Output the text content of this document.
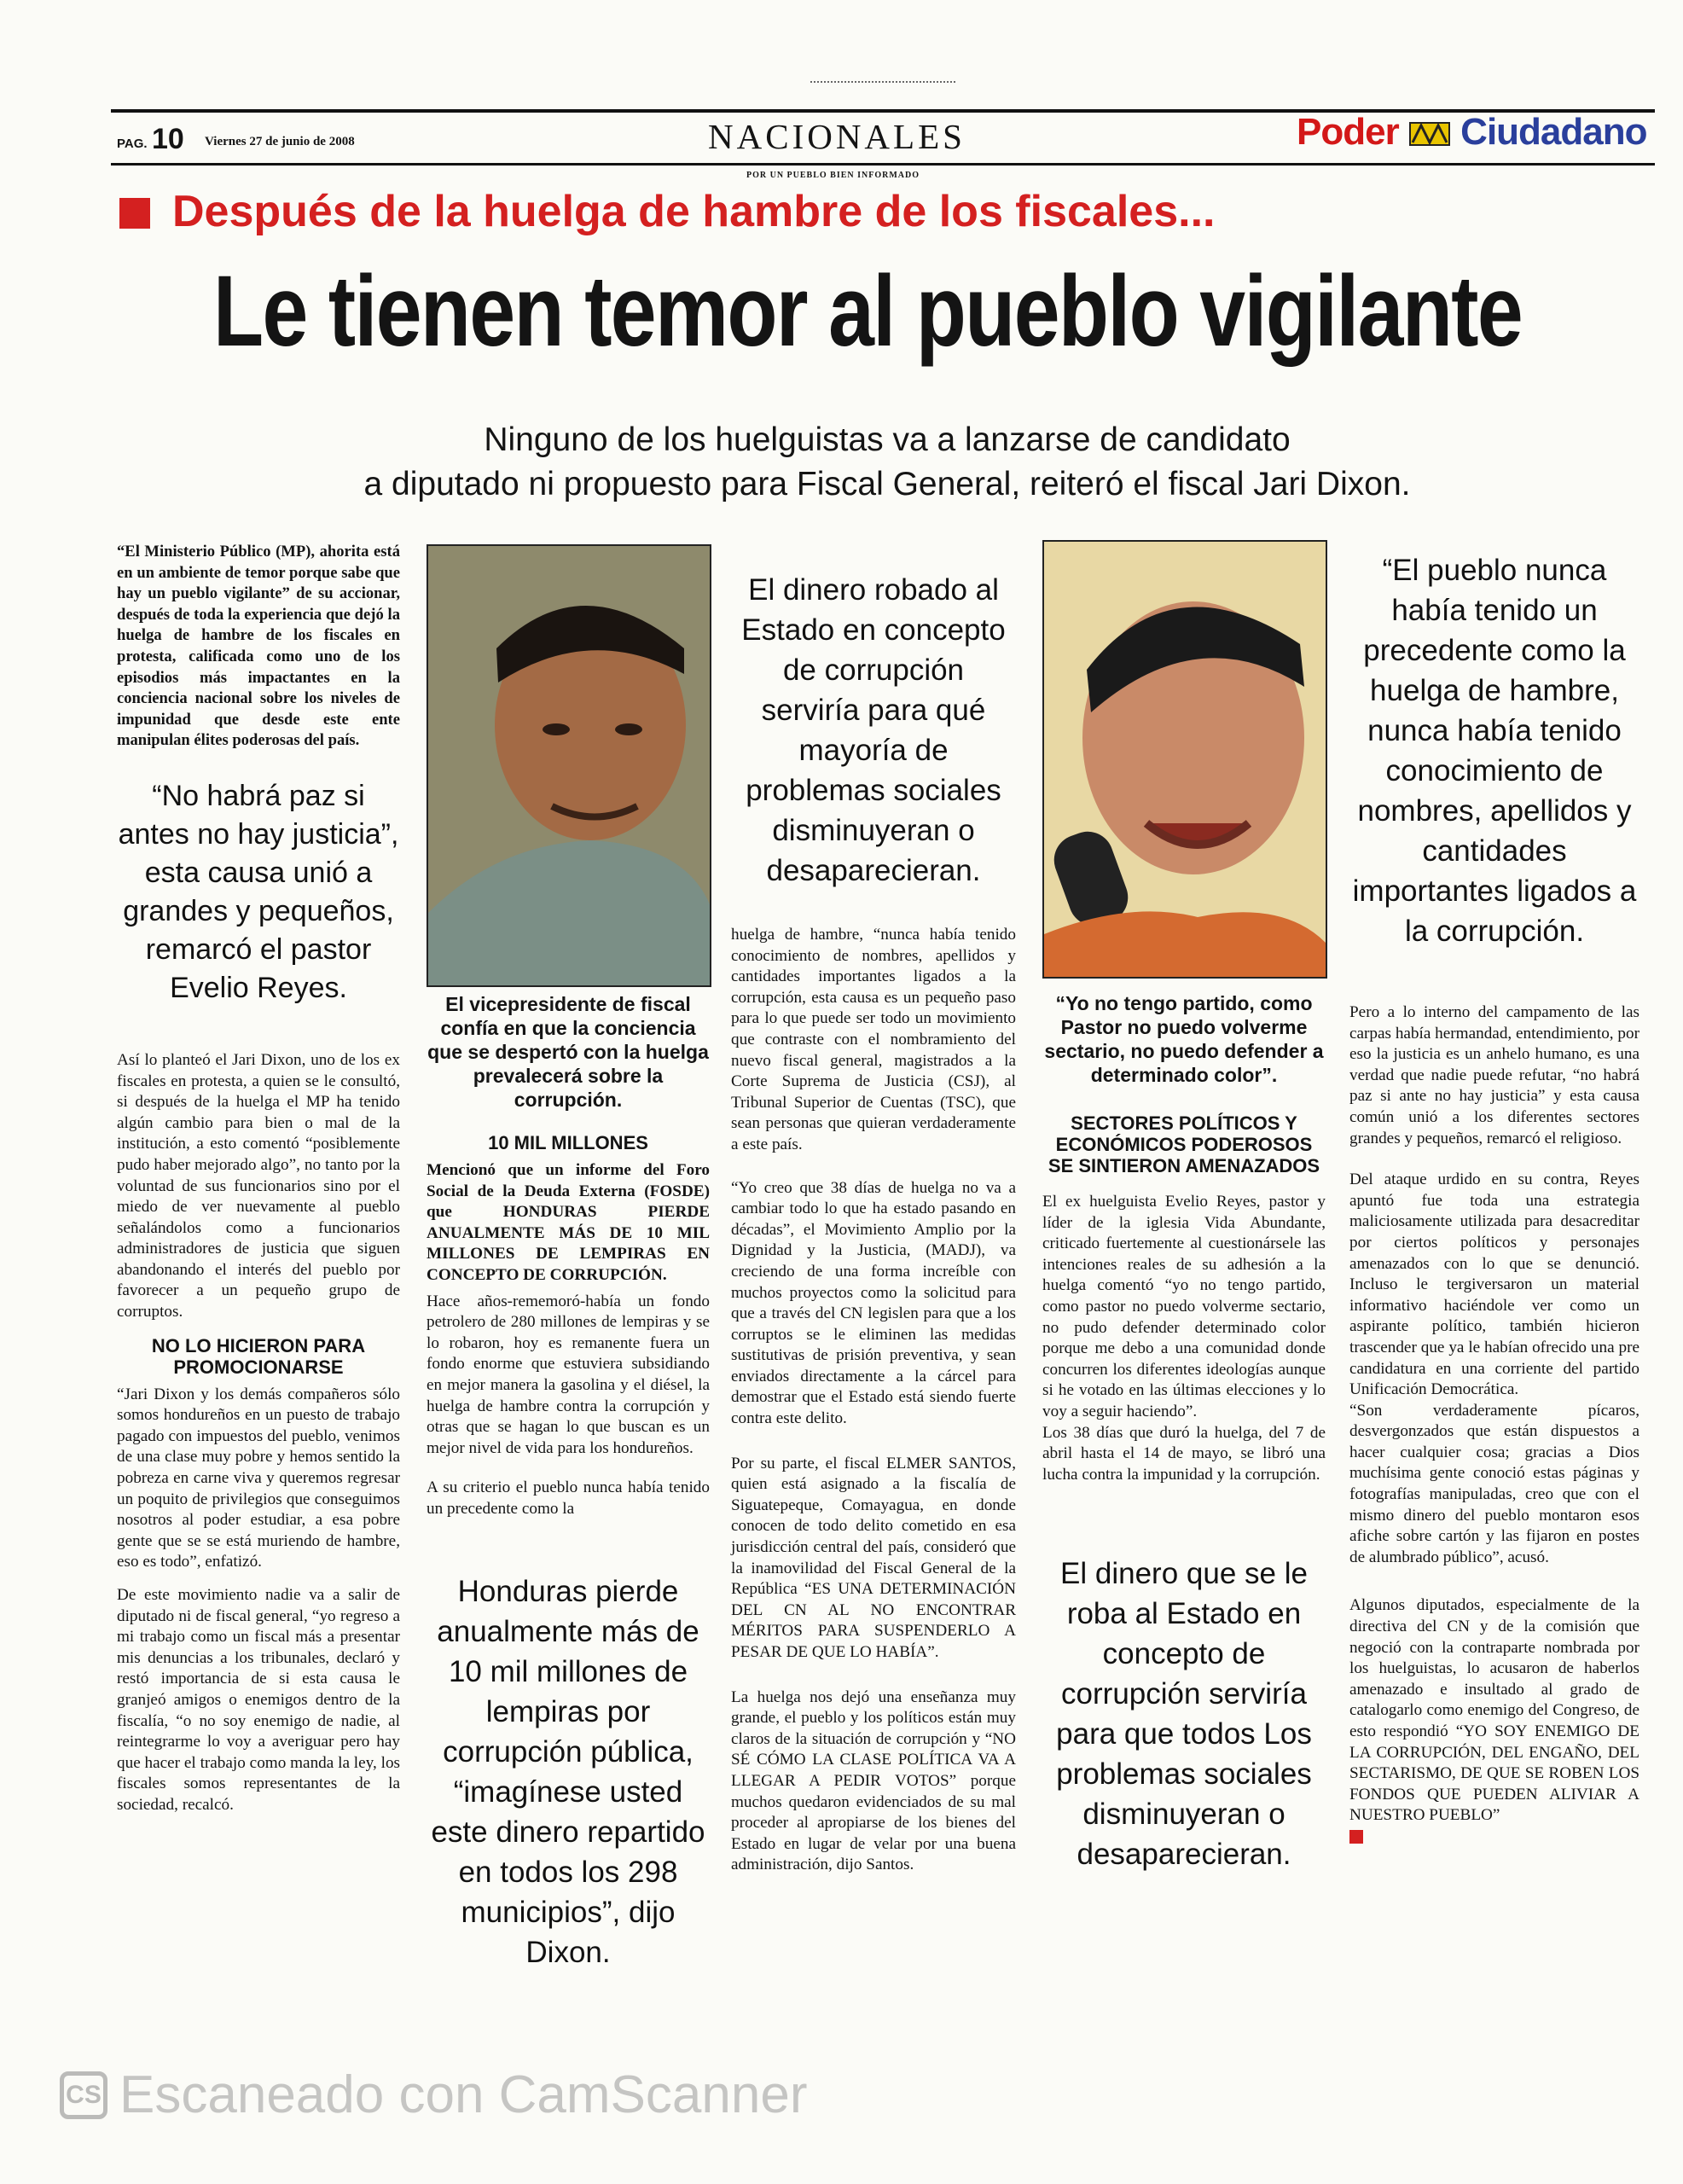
PAG. 10 Viernes 27 de junio de 2008	NACIONALES
POR UN PUEBLO BIEN INFORMADO
Poder Ciudadano
Después de la huelga de hambre de los fiscales...
Le tienen temor al pueblo vigilante
Ninguno de los huelguistas va a lanzarse de candidato
a diputado ni propuesto para Fiscal General, reiteró el fiscal Jari Dixon.
“El Ministerio Público (MP), ahorita está en un ambiente de temor porque sabe que hay un pueblo vigilante” de su accionar, después de toda la experiencia que dejó la huelga de hambre de los fiscales en protesta, calificada como uno de los episodios más impactantes en la conciencia nacional sobre los niveles de impunidad que desde este ente manipulan élites poderosas del país.
“No habrá paz si antes no hay justicia”, esta causa unió a grandes y pequeños, remarcó el pastor Evelio Reyes.
Así lo planteó el Jari Dixon, uno de los ex fiscales en protesta, a quien se le consultó, si después de la huelga el MP ha tenido algún cambio para bien o mal de la institución, a esto comentó “posiblemente pudo haber mejorado algo”, no tanto por la voluntad de sus funcionarios sino por el miedo de ver nuevamente al pueblo señalándolos como a funcionarios administradores de justicia que siguen abandonando el interés del pueblo por favorecer a un pequeño grupo de corruptos.
NO LO HICIERON PARA PROMOCIONARSE
“Jari Dixon y los demás compañeros sólo somos hondureños en un puesto de trabajo pagado con impuestos del pueblo, venimos de una clase muy pobre y hemos sentido la pobreza en carne viva y queremos regresar un poquito de privilegios que conseguimos nosotros al poder estudiar, a esa pobre gente que se se está muriendo de hambre, eso es todo”, enfatizó.
De este movimiento nadie va a salir de diputado ni de fiscal general, “yo regreso a mi trabajo como un fiscal más a presentar mis denuncias a los tribunales, declaró y restó importancia de si esta causa le granjeó amigos o enemigos dentro de la fiscalía, “o no soy enemigo de nadie, al reintegrarme lo voy a averiguar pero hay que hacer el trabajo como manda la ley, los fiscales somos representantes de la sociedad, recalcó.
El vicepresidente de fiscal confía en que la conciencia que se despertó con la huelga prevalecerá sobre la corrupción.
10 MIL MILLONES
Mencionó que un informe del Foro Social de la Deuda Externa (FOSDE) que HONDURAS PIERDE ANUALMENTE MÁS DE 10 MIL MILLONES DE LEMPIRAS EN CONCEPTO DE CORRUPCIÓN.
Hace años-rememoró-había un fondo petrolero de 280 millones de lempiras y se lo robaron, hoy es remanente fuera un fondo enorme que estuviera subsidiando en mejor manera la gasolina y el diésel, la huelga de hambre contra la corrupción y otras que se hagan lo que buscan es un mejor nivel de vida para los hondureños.
A su criterio el pueblo nunca había tenido un precedente como la
Honduras pierde anualmente más de 10 mil millones de lempiras por corrupción pública, “imagínese usted este dinero repartido en todos los 298 municipios”, dijo Dixon.
El dinero robado al Estado en concepto de corrupción serviría para qué mayoría de problemas sociales disminuyeran o desaparecieran.
huelga de hambre, “nunca había tenido conocimiento de nombres, apellidos y cantidades importantes ligados a la corrupción, esta causa es un pequeño paso para lo que puede ser todo un movimiento que contraste con el nombramiento del nuevo fiscal general, magistrados a la Corte Suprema de Justicia (CSJ), al Tribunal Superior de Cuentas (TSC), que sean personas que quieran verdaderamente a este país.
“Yo creo que 38 días de huelga no va a cambiar todo lo que ha estado pasando en décadas”, el Movimiento Amplio por la Dignidad y la Justicia, (MADJ), va creciendo de una forma increíble con muchos proyectos como la solicitud para que a través del CN legislen para que a los corruptos se le eliminen las medidas sustitutivas de prisión preventiva, y sean enviados directamente a la cárcel para demostrar que el Estado está siendo fuerte contra este delito.
Por su parte, el fiscal ELMER SANTOS, quien está asignado a la fiscalía de Siguatepeque, Comayagua, en donde conocen de todo delito cometido en esa jurisdicción central del país, consideró que la inamovilidad del Fiscal General de la República “ES UNA DETERMINACIÓN DEL CN AL NO ENCONTRAR MÉRITOS PARA SUSPENDERLO A PESAR DE QUE LO HABÍA”.
La huelga nos dejó una enseñanza muy grande, el pueblo y los políticos están muy claros de la situación de corrupción y “NO SÉ CÓMO LA CLASE POLÍTICA VA A LLEGAR A PEDIR VOTOS” porque muchos quedaron evidenciados de su mal proceder al apropiarse de los bienes del Estado en lugar de velar por una buena administración, dijo Santos.
“Yo no tengo partido, como Pastor no puedo volverme sectario, no puedo defender a determinado color”.
SECTORES POLÍTICOS Y ECONÓMICOS PODEROSOS SE SINTIERON AMENAZADOS
El ex huelguista Evelio Reyes, pastor y líder de la iglesia Vida Abundante, criticado fuertemente al cuestionársele las intenciones reales de su adhesión a la huelga comentó “yo no tengo partido, como pastor no puedo volverme sectario, no pudo defender determinado color porque me debo a una comunidad donde concurren los diferentes ideologías aunque si he votado en las últimas elecciones y lo voy a seguir haciendo”.
Los 38 días que duró la huelga, del 7 de abril hasta el 14 de mayo, se libró una lucha contra la impunidad y la corrupción.
El dinero que se le roba al Estado en concepto de corrupción serviría para que todos Los problemas sociales disminuyeran o desaparecieran.
“El pueblo nunca había tenido un precedente como la huelga de hambre, nunca había tenido conocimiento de nombres, apellidos y cantidades importantes ligados a la corrupción.
Pero a lo interno del campamento de las carpas había hermandad, entendimiento, por eso la justicia es un anhelo humano, es una verdad que nadie puede refutar, “no habrá paz si ante no hay justicia” y esta causa común unió a los diferentes sectores grandes y pequeños, remarcó el religioso.
Del ataque urdido en su contra, Reyes apuntó fue toda una estrategia maliciosamente utilizada para desacreditar por ciertos políticos y personajes amenazados con lo que se denunció. Incluso le tergiversaron un material informativo haciéndole ver como un aspirante político, también hicieron trascender que ya le habían ofrecido una pre candidatura en una corriente del partido Unificación Democrática.
“Son verdaderamente pícaros, desvergonzados que están dispuestos a hacer cualquier cosa; gracias a Dios muchísima gente conoció estas páginas y fotografías manipuladas, creo que con el mismo dinero del pueblo montaron esos afiche sobre cartón y las fijaron en postes de alumbrado público”, acusó.
Algunos diputados, especialmente de la directiva del CN y de la comisión que negoció con la contraparte nombrada por los huelguistas, lo acusaron de haberlos amenazado e insultado al grado de catalogarlo como enemigo del Congreso, de esto respondió “YO SOY ENEMIGO DE LA CORRUPCIÓN, DEL ENGAÑO, DEL SECTARISMO, DE QUE SE ROBEN LOS FONDOS QUE PUEDEN ALIVIAR A NUESTRO PUEBLO”
CS Escaneado con CamScanner
